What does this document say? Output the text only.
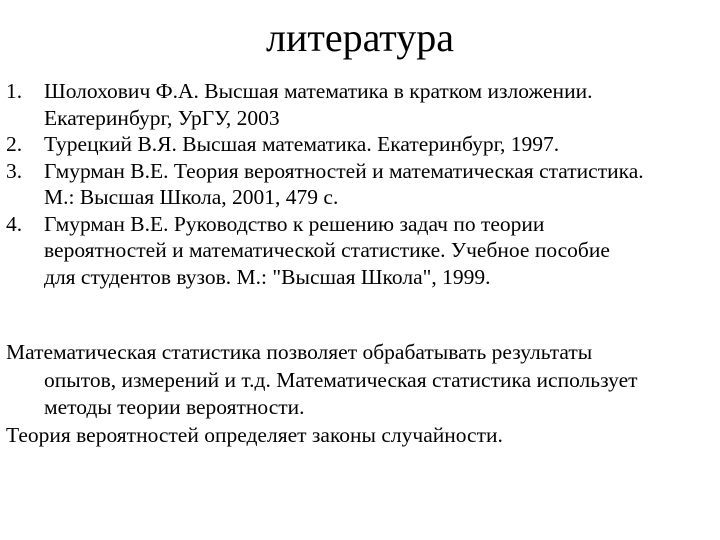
литература
1.	Шолохович Ф.А. Высшая математика в кратком изложении.
Екатеринбург, УрГУ, 2003
2.	Турецкий В.Я. Высшая математика. Екатеринбург, 1997.
3.	Гмурман В.Е. Теория вероятностей и математическая статистика.
М.: Высшая Школа, 2001, 479 с.
4.	Гмурман В.Е. Руководство к решению задач по теории
вероятностей и математической статистике. Учебное пособие
для студентов вузов. М.: "Высшая Школа", 1999.
Математическая статистика позволяет обрабатывать результаты
опытов, измерений и т.д. Математическая статистика использует
методы теории вероятности.
Теория вероятностей определяет законы случайности.
